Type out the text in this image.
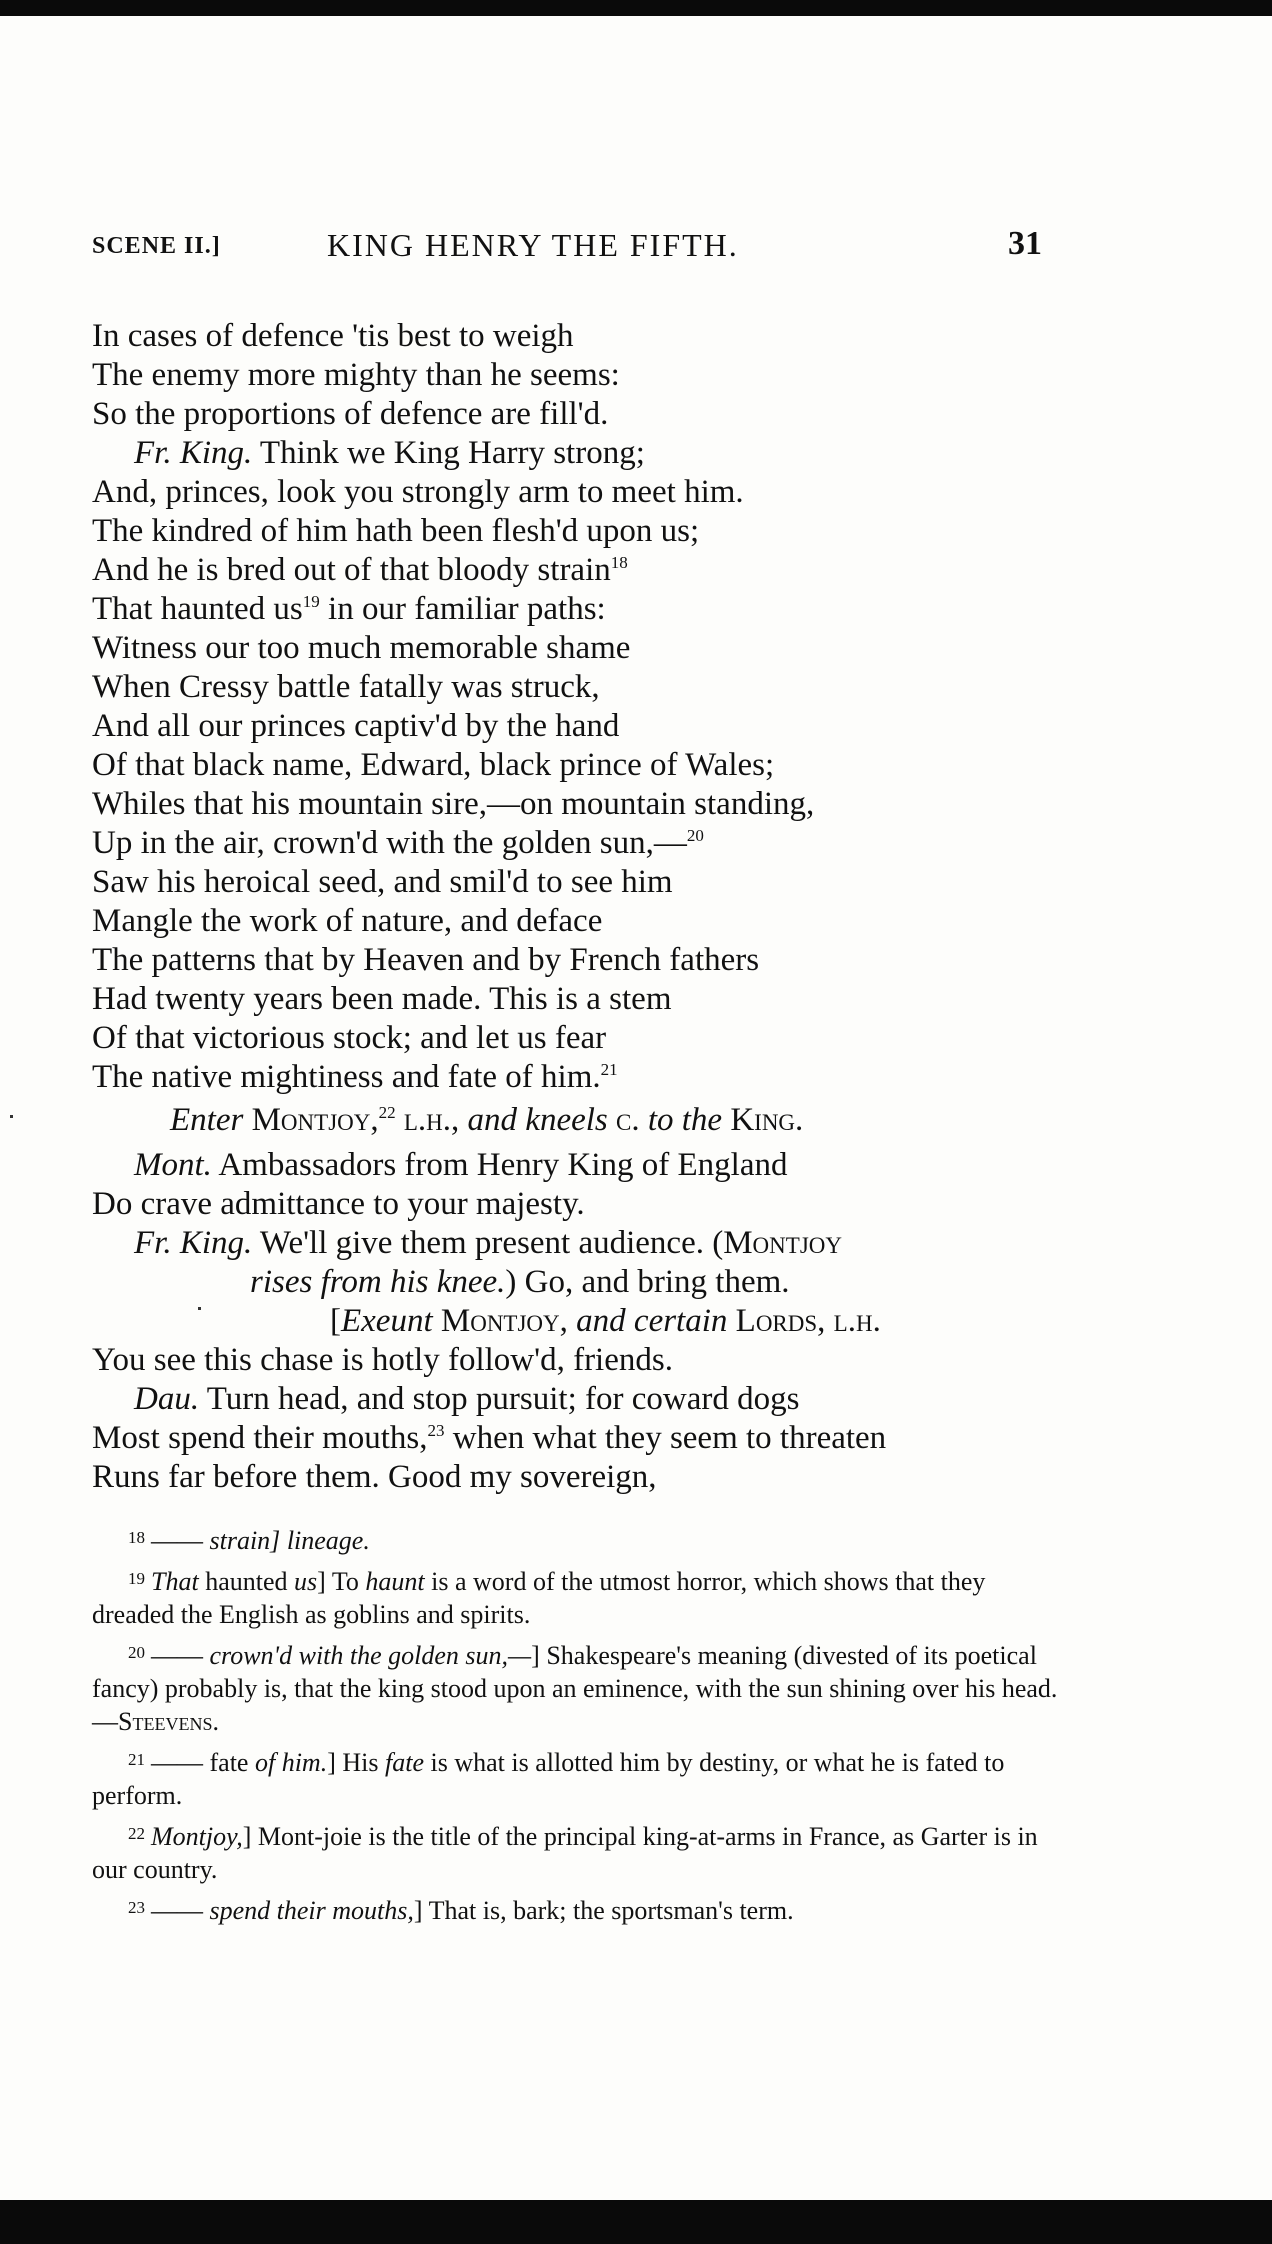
SCENE II.]	KING HENRY THE FIFTH.	31
In cases of defence 'tis best to weigh
The enemy more mighty than he seems:
So the proportions of defence are fill'd.
Fr. King. Think we King Harry strong;
And, princes, look you strongly arm to meet him.
The kindred of him hath been flesh'd upon us;
And he is bred out of that bloody strain$^{18}$
That haunted $us^{19}$ in our familiar paths:
Witness our too much memorable shame
When Cressy battle fatally was struck,
And all our princes captiv'd by the hand
Of that black name, Edward, black prince of Wales;
Whiles that his mountain sire,—on mountain standing,
Up in the air, crown'd with the golden sun,—$^{20}$
Saw his heroical seed, and smil'd to see him
Mangle the work of nature, and deface
The patterns that by Heaven and by French fathers
Had twenty years been made. This is a stem
Of that victorious stock; and let us fear
The native mightiness and fate of him.$^{21}$
Enter Montjoy,$^{22}$ l.h., and kneels c. to the King.
Mont. Ambassadors from Henry King of England
Do crave admittance to your majesty.
Fr. King. We'll give them present audience. (Montjoy
rises from his knee.) Go, and bring them.
[Exeunt Montjoy, and certain Lords, l.h.
You see this chase is hotly follow'd, friends.
Dau. Turn head, and stop pursuit; for coward dogs
Most spend their mouths,$^{23}$ when what they seem to threaten
Runs far before them. Good my sovereign,
$^{18}$ —— strain] lineage.
$^{19}$ That haunted us] To haunt is a word of the utmost horror, which shows that they dreaded the English as goblins and spirits.
$^{20}$ —— crown'd with the golden sun,—] Shakespeare's meaning (divested of its poetical fancy) probably is, that the king stood upon an eminence, with the sun shining over his head.—Steevens.
$^{21}$ —— fate of him.] His fate is what is allotted him by destiny, or what he is fated to perform.
$^{22}$ Montjoy,] Mont-joie is the title of the principal king-at-arms in France, as Garter is in our country.
$^{23}$ —— spend their mouths,] That is, bark; the sportsman's term.
